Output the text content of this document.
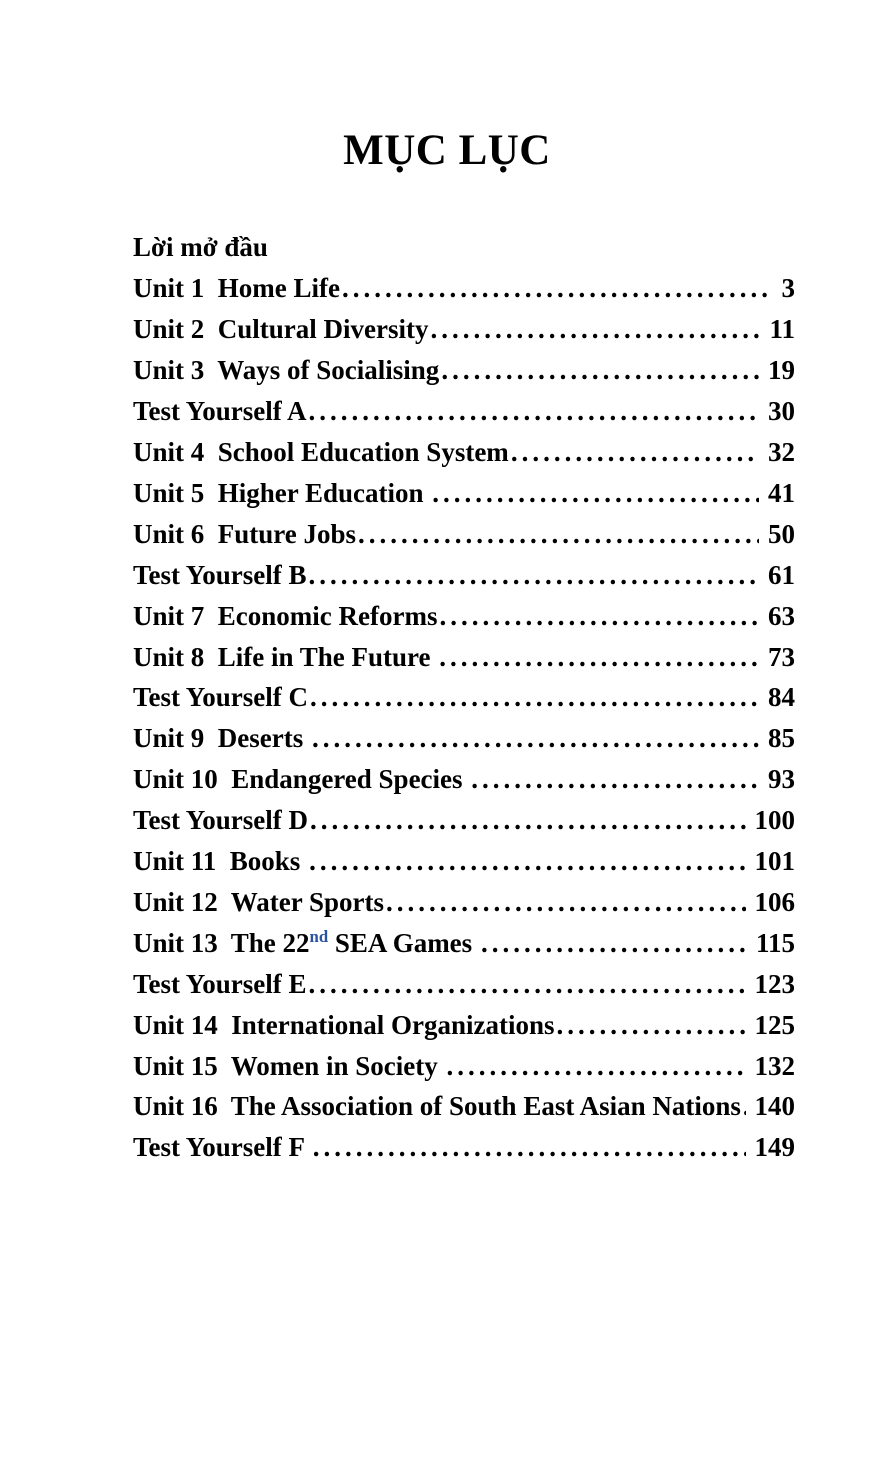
MỤC LỤC
Lời mở đầu
Unit 1  Home Life .....	3
Unit 2  Cultural Diversity .....	11
Unit 3  Ways of Socialising .....	19
Test Yourself A .....	30
Unit 4  School Education System .....	32
Unit 5  Higher Education .....	41
Unit 6  Future Jobs .....	50
Test Yourself B .....	61
Unit 7  Economic Reforms .....	63
Unit 8  Life in The Future .....	73
Test Yourself C .....	84
Unit 9  Deserts .....	85
Unit 10  Endangered Species .....	93
Test Yourself D .....	100
Unit 11  Books .....	101
Unit 12  Water Sports .....	106
Unit 13  The 22nd SEA Games .....	115
Test Yourself E .....	123
Unit 14  International Organizations .....	125
Unit 15  Women in Society .....	132
Unit 16  The Association of South East Asian Nations ..... 140
Test Yourself F .....	149
